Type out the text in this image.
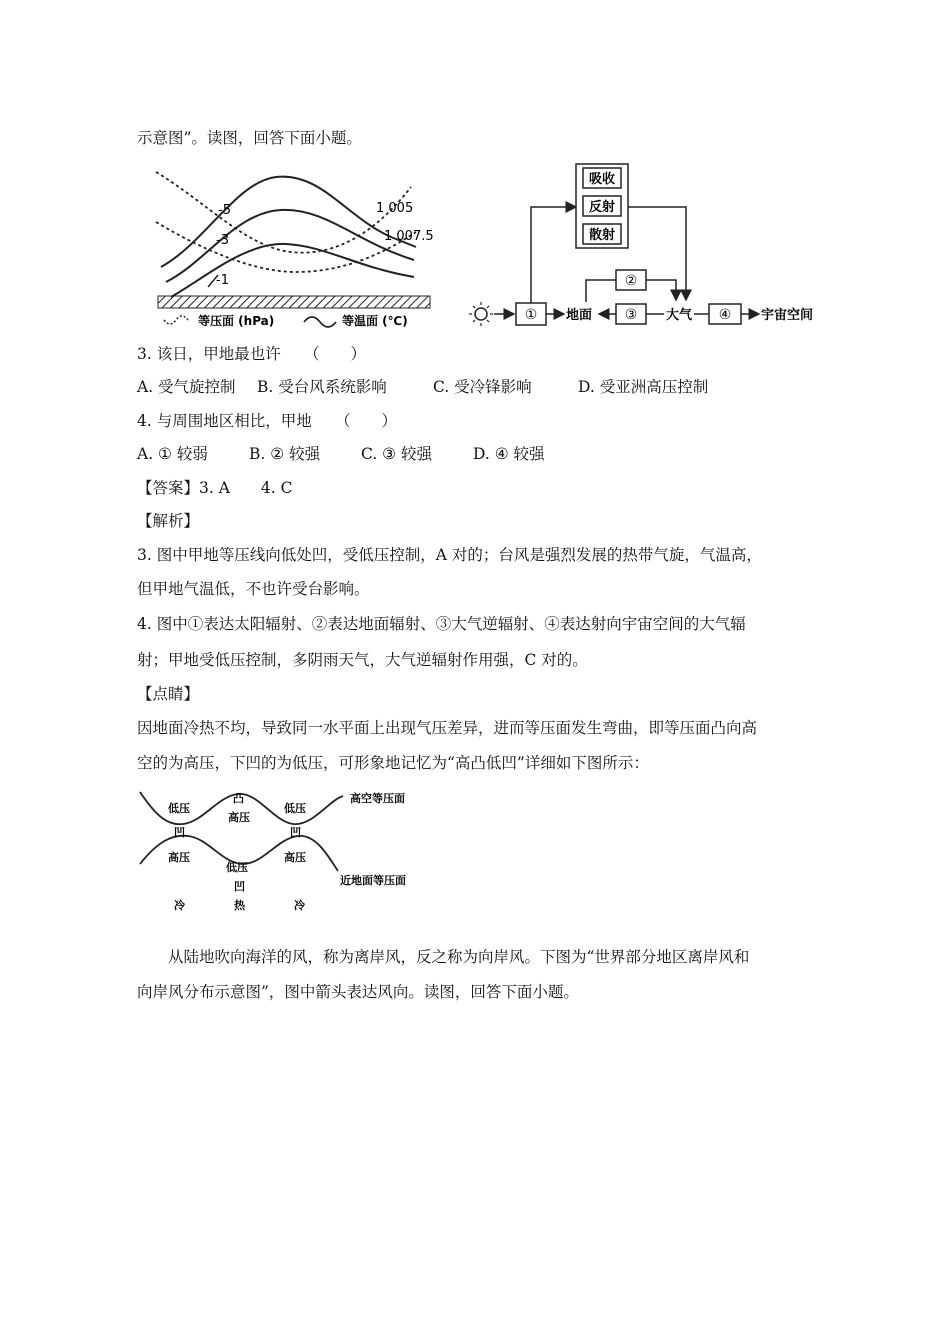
示意图”。读图，回答下面小题。
-5
-3
-1
1 005
1 007.5
等压面 (hPa)	等温面 (℃)	① 地面
吸收
反射
散射
②
③ 大气 ④ 宇宙空间
3. 该日，甲地最也许　　（　　）
A. 受气旋控制 B. 受台风系统影响	C. 受冷锋影响	D. 受亚洲高压控制
4. 与周围地区相比，甲地　　（　　）
A. ① 较弱	B. ② 较强	C. ③ 较强	D. ④ 较强
【答案】3. A　　4. C
【解析】
3. 图中甲地等压线向低处凹，受低压控制，A 对的；台风是强烈发展的热带气旋，气温高，
但甲地气温低，不也许受台影响。
4. 图中①表达太阳辐射、②表达地面辐射、③大气逆辐射、④表达射向宇宙空间的大气辐
射；甲地受低压控制，多阴雨天气，大气逆辐射作用强，C 对的。
【点睛】
因地面冷热不均，导致同一水平面上出现气压差异，进而等压面发生弯曲，即等压面凸向高
空的为高压，下凹的为低压，可形象地记忆为“高凸低凹”详细如下图所示：
低压
凸
高压
低压
凹	凹
高空等压面
高压
低压
高压
凹	近地面等压面
冷	热	冷
　　从陆地吹向海洋的风，称为离岸风，反之称为向岸风。下图为“世界部分地区离岸风和
向岸风分布示意图”，图中箭头表达风向。读图，回答下面小题。
